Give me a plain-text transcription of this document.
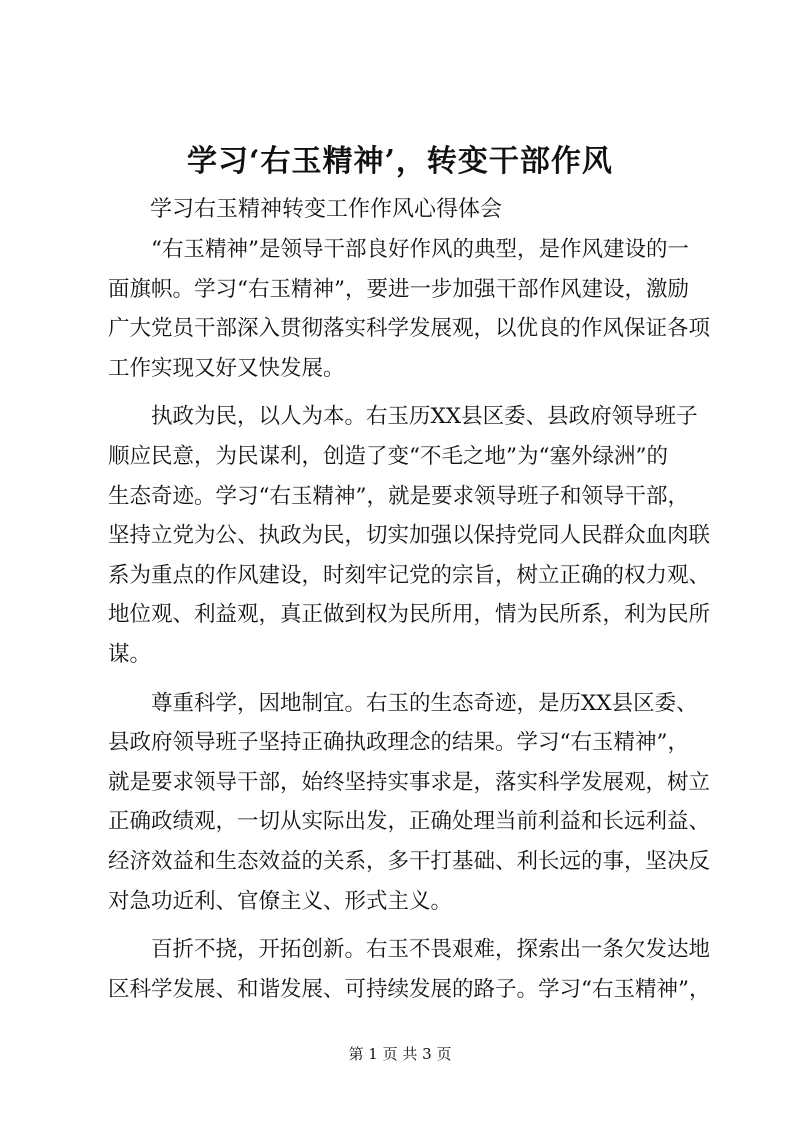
学习‘右玉精神’，转变干部作风
学习右玉精神转变工作作风心得体会

　　“右玉精神”是领导干部良好作风的典型，是作风建设的一

面旗帜。学习“右玉精神”，要进一步加强干部作风建设，激励

广大党员干部深入贯彻落实科学发展观，以优良的作风保证各项

工作实现又好又快发展。

　　执政为民，以人为本。右玉历XX县区委、县政府领导班子

顺应民意，为民谋利，创造了变“不毛之地”为“塞外绿洲”的

生态奇迹。学习“右玉精神”，就是要求领导班子和领导干部，

坚持立党为公、执政为民，切实加强以保持党同人民群众血肉联

系为重点的作风建设，时刻牢记党的宗旨，树立正确的权力观、

地位观、利益观，真正做到权为民所用，情为民所系，利为民所

谋。

　　尊重科学，因地制宜。右玉的生态奇迹，是历XX县区委、

县政府领导班子坚持正确执政理念的结果。学习“右玉精神”，

就是要求领导干部，始终坚持实事求是，落实科学发展观，树立

正确政绩观，一切从实际出发，正确处理当前利益和长远利益、

经济效益和生态效益的关系，多干打基础、利长远的事，坚决反

对急功近利、官僚主义、形式主义。

　　百折不挠，开拓创新。右玉不畏艰难，探索出一条欠发达地

区科学发展、和谐发展、可持续发展的路子。学习“右玉精神”，

第 1 页 共 3 页
